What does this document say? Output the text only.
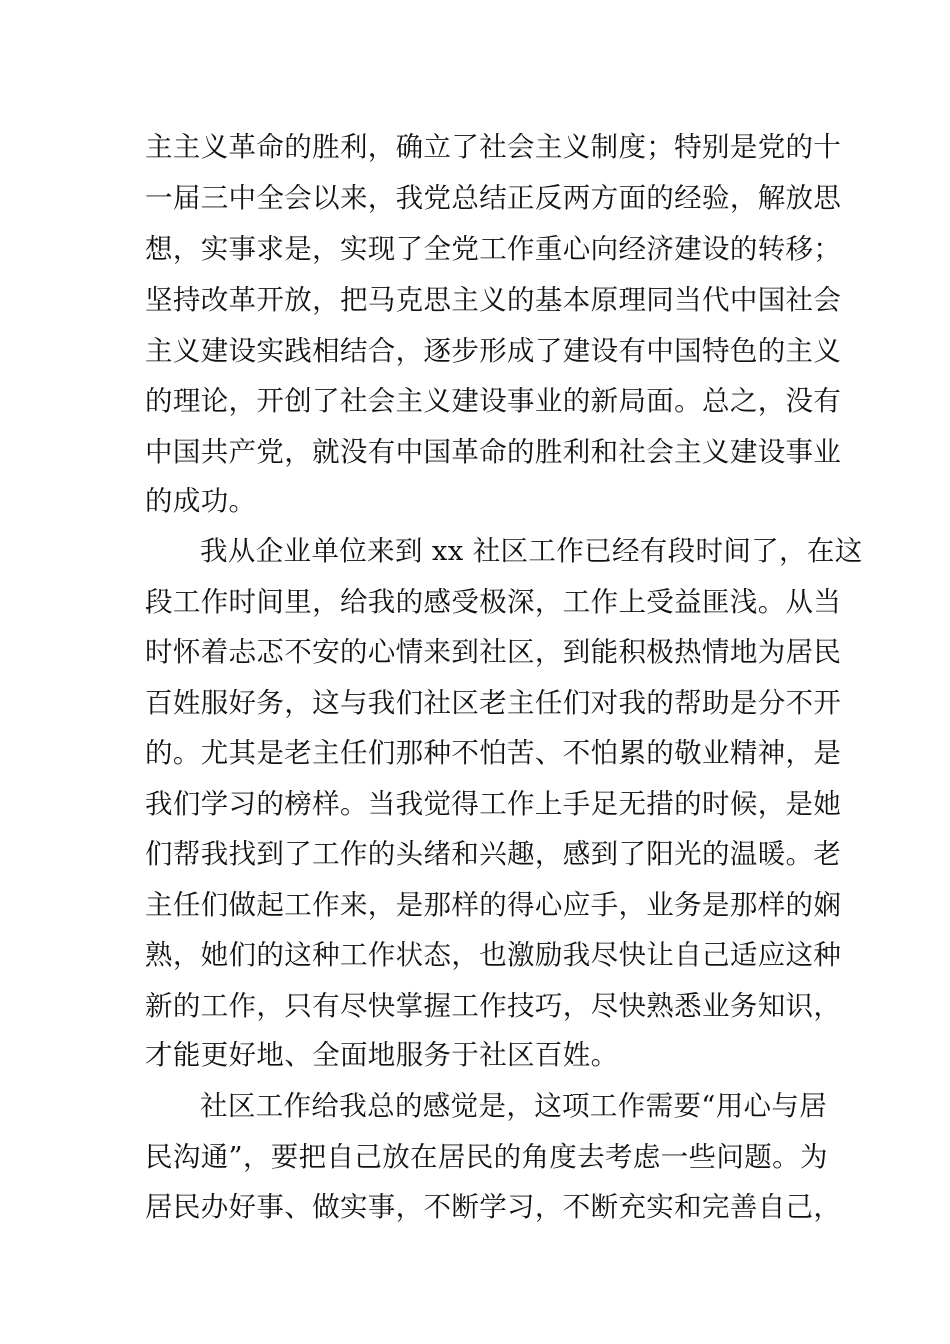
主主义革命的胜利，确立了社会主义制度；特别是党的十
一届三中全会以来，我党总结正反两方面的经验，解放思
想，实事求是，实现了全党工作重心向经济建设的转移；
坚持改革开放，把马克思主义的基本原理同当代中国社会
主义建设实践相结合，逐步形成了建设有中国特色的主义
的理论，开创了社会主义建设事业的新局面。总之，没有
中国共产党，就没有中国革命的胜利和社会主义建设事业
的成功。
我从企业单位来到 xx 社区工作已经有段时间了，在这
段工作时间里，给我的感受极深，工作上受益匪浅。从当
时怀着忐忑不安的心情来到社区，到能积极热情地为居民
百姓服好务，这与我们社区老主任们对我的帮助是分不开
的。尤其是老主任们那种不怕苦、不怕累的敬业精神，是
我们学习的榜样。当我觉得工作上手足无措的时候，是她
们帮我找到了工作的头绪和兴趣，感到了阳光的温暖。老
主任们做起工作来，是那样的得心应手，业务是那样的娴
熟，她们的这种工作状态，也激励我尽快让自己适应这种
新的工作，只有尽快掌握工作技巧，尽快熟悉业务知识，
才能更好地、全面地服务于社区百姓。
社区工作给我总的感觉是，这项工作需要“用心与居
民沟通”，要把自己放在居民的角度去考虑一些问题。为
居民办好事、做实事，不断学习，不断充实和完善自己，
